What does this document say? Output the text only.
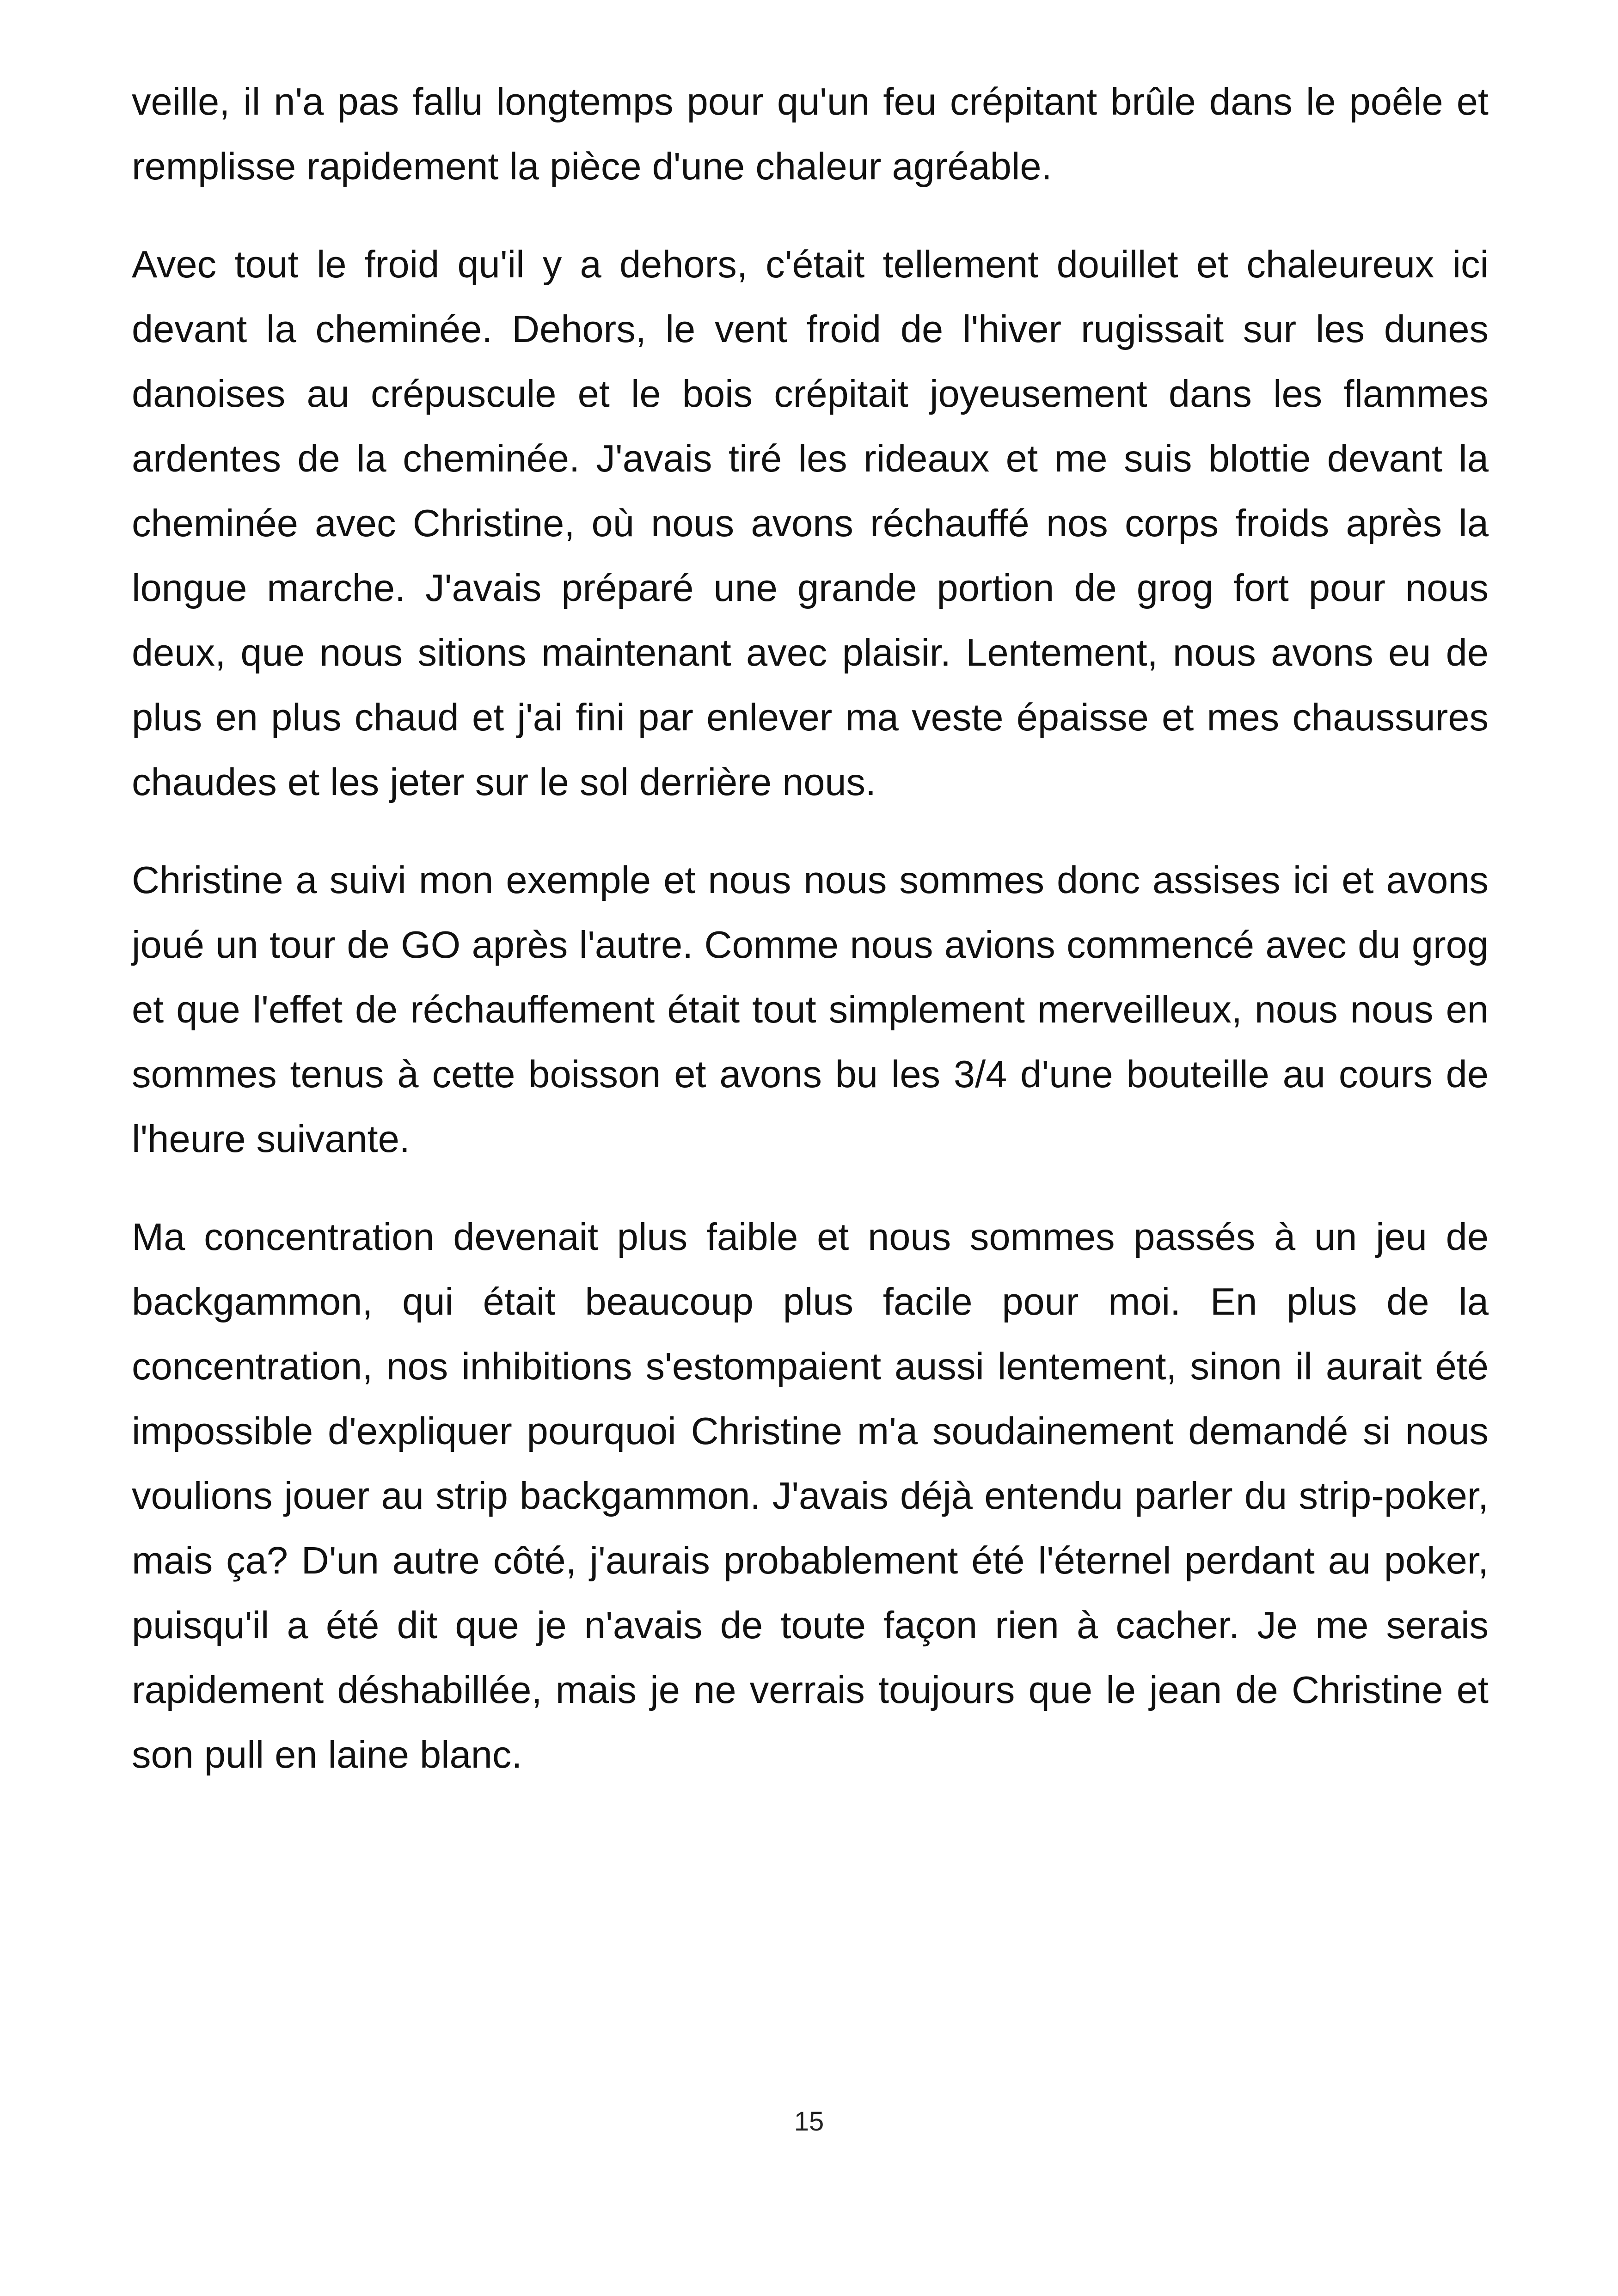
veille, il n'a pas fallu longtemps pour qu'un feu crépitant brûle dans le poêle et remplisse rapidement la pièce d'une chaleur agréable.

Avec tout le froid qu'il y a dehors, c'était tellement douillet et chaleureux ici devant la cheminée. Dehors, le vent froid de l'hiver rugissait sur les dunes danoises au crépuscule et le bois crépitait joyeusement dans les flammes ardentes de la cheminée. J'avais tiré les rideaux et me suis blottie devant la cheminée avec Christine, où nous avons réchauffé nos corps froids après la longue marche. J'avais préparé une grande portion de grog fort pour nous deux, que nous sitions maintenant avec plaisir. Lentement, nous avons eu de plus en plus chaud et j'ai fini par enlever ma veste épaisse et mes chaussures chaudes et les jeter sur le sol derrière nous.

Christine a suivi mon exemple et nous nous sommes donc assises ici et avons joué un tour de GO après l'autre. Comme nous avions commencé avec du grog et que l'effet de réchauffement était tout simplement merveilleux, nous nous en sommes tenus à cette boisson et avons bu les 3/4 d'une bouteille au cours de l'heure suivante.

Ma concentration devenait plus faible et nous sommes passés à un jeu de backgammon, qui était beaucoup plus facile pour moi. En plus de la concentration, nos inhibitions s'estompaient aussi lentement, sinon il aurait été impossible d'expliquer pourquoi Christine m'a soudainement demandé si nous voulions jouer au strip backgammon. J'avais déjà entendu parler du strip-poker, mais ça? D'un autre côté, j'aurais probablement été l'éternel perdant au poker, puisqu'il a été dit que je n'avais de toute façon rien à cacher. Je me serais rapidement déshabillée, mais je ne verrais toujours que le jean de Christine et son pull en laine blanc.

15
